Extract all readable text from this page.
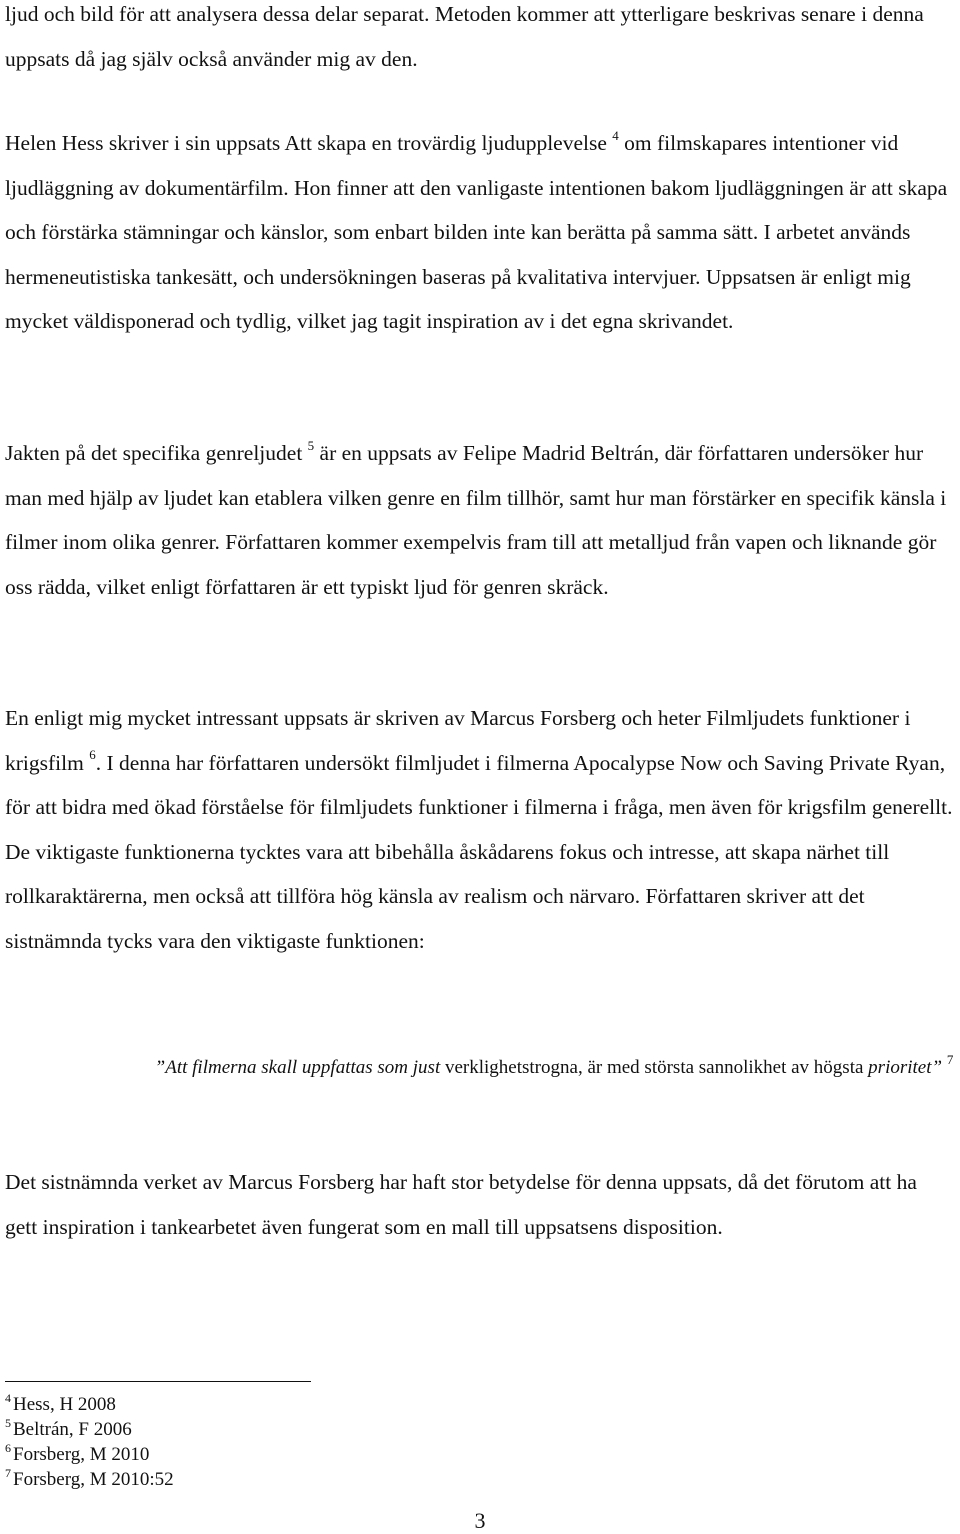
ljud och bild för att analysera dessa delar separat. Metoden kommer att ytterligare beskrivas senare i denna uppsats då jag själv också använder mig av den.

Helen Hess skriver i sin uppsats Att skapa en trovärdig ljudupplevelse $^4$ om filmskapares intentioner vid ljudläggning av dokumentärfilm. Hon finner att den vanligaste intentionen bakom ljudläggningen är att skapa och förstärka stämningar och känslor, som enbart bilden inte kan berätta på samma sätt. I arbetet används hermeneutistiska tankesätt, och undersökningen baseras på kvalitativa intervjuer. Uppsatsen är enligt mig mycket väldisponerad och tydlig, vilket jag tagit inspiration av i det egna skrivandet.

Jakten på det specifika genreljudet $^5$ är en uppsats av Felipe Madrid Beltrán, där författaren undersöker hur man med hjälp av ljudet kan etablera vilken genre en film tillhör, samt hur man förstärker en specifik känsla i filmer inom olika genrer. Författaren kommer exempelvis fram till att metalljud från vapen och liknande gör oss rädda, vilket enligt författaren är ett typiskt ljud för genren skräck.

En enligt mig mycket intressant uppsats är skriven av Marcus Forsberg och heter Filmljudets funktioner i krigsfilm $^6$. I denna har författaren undersökt filmljudet i filmerna Apocalypse Now och Saving Private Ryan, för att bidra med ökad förståelse för filmljudets funktioner i filmerna i fråga, men även för krigsfilm generellt. De viktigaste funktionerna tycktes vara att bibehålla åskådarens fokus och intresse, att skapa närhet till rollkaraktärerna, men också att tillföra hög känsla av realism och närvaro. Författaren skriver att det sistnämnda tycks vara den viktigaste funktionen:

”Att filmerna skall uppfattas som just verklighetstrogna, är med största sannolikhet av högsta prioritet” $^7$

Det sistnämnda verket av Marcus Forsberg har haft stor betydelse för denna uppsats, då det förutom att ha gett inspiration i tankearbetet även fungerat som en mall till uppsatsens disposition.

$^4$ Hess, H 2008
$^5$ Beltrán, F 2006
$^6$ Forsberg, M 2010
$^7$ Forsberg, M 2010:52
3
